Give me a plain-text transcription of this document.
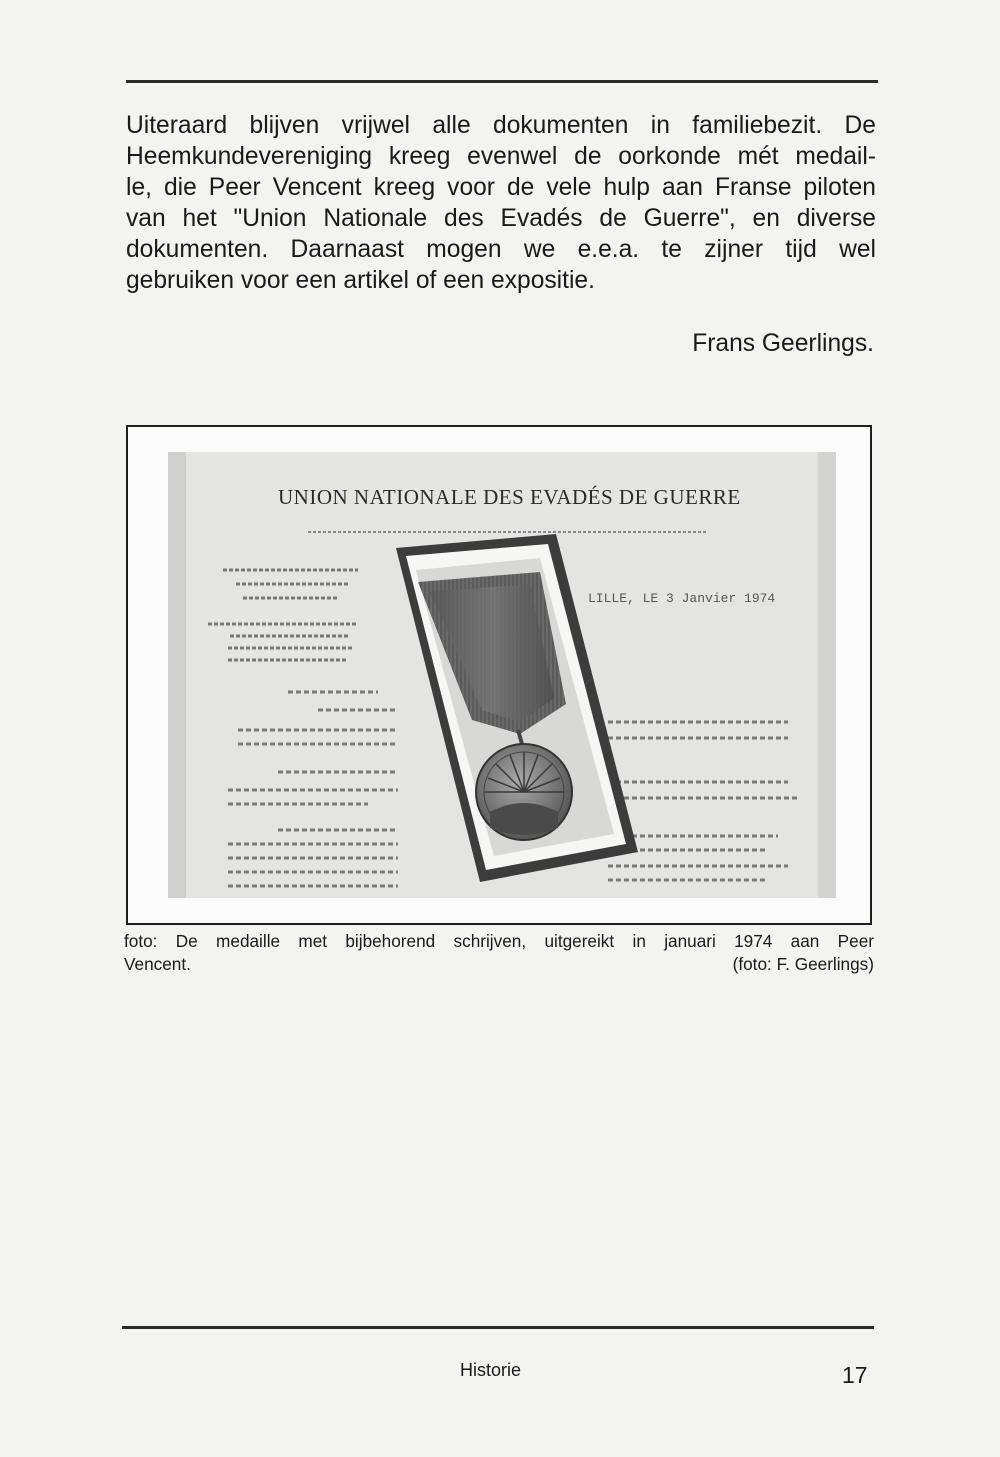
Uiteraard blijven vrijwel alle dokumenten in familiebezit. De
Heemkundevereniging kreeg evenwel de oorkonde mét medail-
le, die Peer Vencent kreeg voor de vele hulp aan Franse piloten
van het "Union Nationale des Evadés de Guerre", en diverse
dokumenten. Daarnaast mogen we e.e.a. te zijner tijd wel
gebruiken voor een artikel of een expositie.

Frans Geerlings.
UNION NATIONALE DES EVADÉS DE GUERRE
LILLE, LE 3 Janvier 1974

foto: De medaille met bijbehorend schrijven, uitgereikt in januari 1974 aan Peer
Vencent.	(foto: F. Geerlings)

Historie	17
